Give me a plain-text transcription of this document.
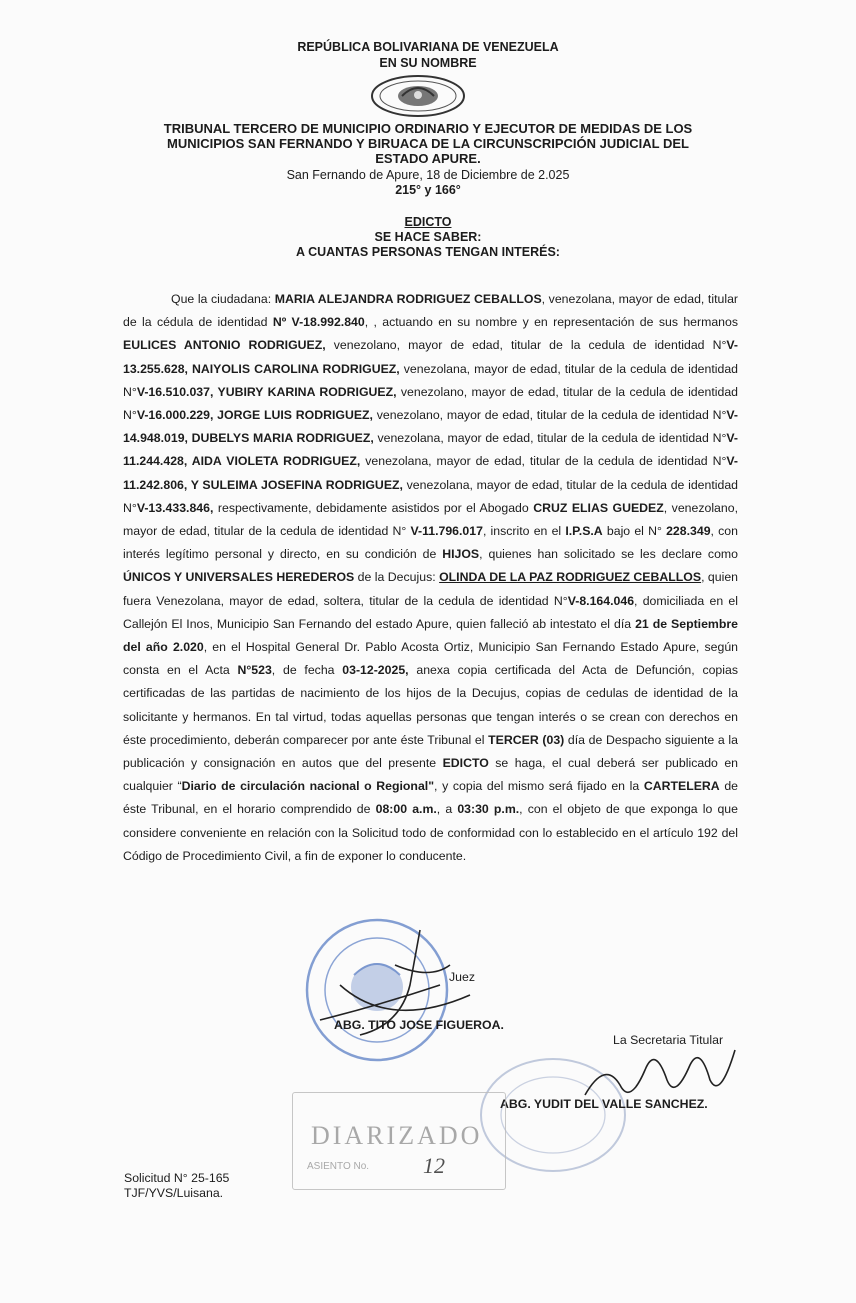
REPÚBLICA BOLIVARIANA DE VENEZUELA
EN SU NOMBRE
TRIBUNAL TERCERO DE MUNICIPIO ORDINARIO Y EJECUTOR DE MEDIDAS DE LOS
MUNICIPIOS SAN FERNANDO Y BIRUACA DE LA CIRCUNSCRIPCIÓN JUDICIAL DEL
ESTADO APURE.
San Fernando de Apure, 18 de Diciembre de 2.025
215° y 166°
EDICTO
SE HACE SABER:
A CUANTAS PERSONAS TENGAN INTERÉS:

Que la ciudadana: MARIA ALEJANDRA RODRIGUEZ CEBALLOS, venezolana, mayor de edad, titular de la cédula de identidad Nº V-18.992.840, , actuando en su nombre y en representación de sus hermanos EULICES ANTONIO RODRIGUEZ, venezolano, mayor de edad, titular de la cedula de identidad N°V-13.255.628, NAIYOLIS CAROLINA RODRIGUEZ, venezolana, mayor de edad, titular de la cedula de identidad N°V-16.510.037, YUBIRY KARINA RODRIGUEZ, venezolano, mayor de edad, titular de la cedula de identidad N°V-16.000.229, JORGE LUIS RODRIGUEZ, venezolano, mayor de edad, titular de la cedula de identidad N°V-14.948.019, DUBELYS MARIA RODRIGUEZ, venezolana, mayor de edad, titular de la cedula de identidad N°V-11.244.428, AIDA VIOLETA RODRIGUEZ, venezolana, mayor de edad, titular de la cedula de identidad N°V-11.242.806, Y SULEIMA JOSEFINA RODRIGUEZ, venezolana, mayor de edad, titular de la cedula de identidad N°V-13.433.846, respectivamente, debidamente asistidos por el Abogado CRUZ ELIAS GUEDEZ, venezolano, mayor de edad, titular de la cedula de identidad N° V-11.796.017, inscrito en el I.P.S.A bajo el N° 228.349, con interés legítimo personal y directo, en su condición de HIJOS, quienes han solicitado se les declare como ÚNICOS Y UNIVERSALES HEREDEROS de la Decujus: OLINDA DE LA PAZ RODRIGUEZ CEBALLOS, quien fuera Venezolana, mayor de edad, soltera, titular de la cedula de identidad N°V-8.164.046, domiciliada en el Callejón El Inos, Municipio San Fernando del estado Apure, quien falleció ab intestato el día 21 de Septiembre del año 2.020, en el Hospital General Dr. Pablo Acosta Ortiz, Municipio San Fernando Estado Apure, según consta en el Acta N°523, de fecha 03-12-2025, anexa copia certificada del Acta de Defunción, copias certificadas de las partidas de nacimiento de los hijos de la Decujus, copias de cedulas de identidad de la solicitante y hermanos. En tal virtud, todas aquellas personas que tengan interés o se crean con derechos en éste procedimiento, deberán comparecer por ante éste Tribunal el TERCER (03) día de Despacho siguiente a la publicación y consignación en autos que del presente EDICTO se haga, el cual deberá ser publicado en cualquier “Diario de circulación nacional o Regional", y copia del mismo será fijado en la CARTELERA de éste Tribunal, en el horario comprendido de 08:00 a.m., a 03:30 p.m., con el objeto de que exponga lo que considere conveniente en relación con la Solicitud todo de conformidad con lo establecido en el artículo 192 del Código de Procedimiento Civil, a fin de exponer lo conducente.

Juez
ABG. TITO JOSE FIGUEROA.
La Secretaria Titular
ABG. YUDIT DEL VALLE SANCHEZ.
DIARIZADO
ASIENTO No. 12
Solicitud N° 25-165
TJF/YVS/Luisana.
